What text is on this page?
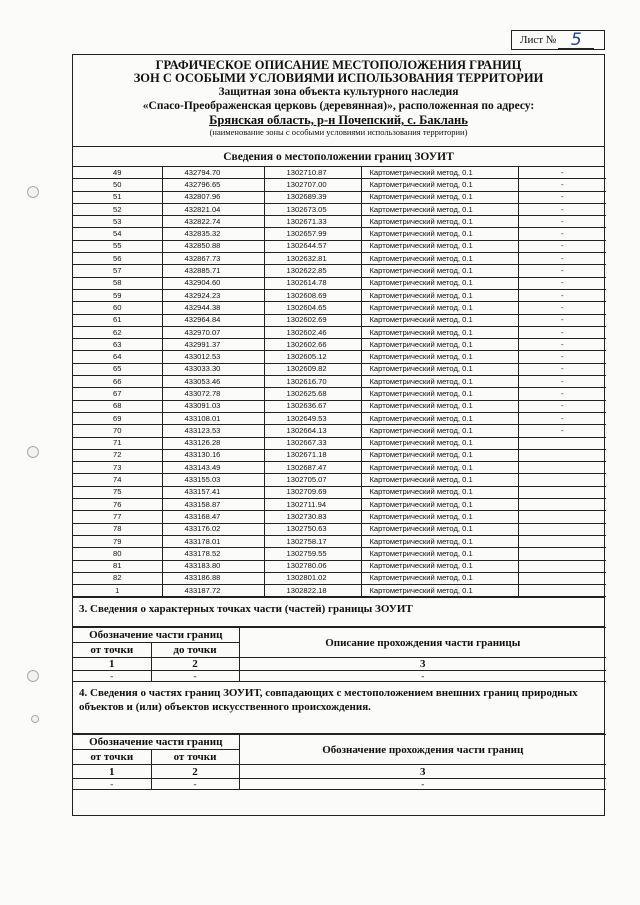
Лист № 5
ГРАФИЧЕСКОЕ ОПИСАНИЕ МЕСТОПОЛОЖЕНИЯ ГРАНИЦ
ЗОН С ОСОБЫМИ УСЛОВИЯМИ ИСПОЛЬЗОВАНИЯ ТЕРРИТОРИИ
Защитная зона объекта культурного наследия
«Спасо-Преображенская церковь (деревянная)», расположенная по адресу:
Брянская область, р-н Почепский, с. Баклань
(наименование зоны с особыми условиями использования территории)
Сведения о местоположении границ ЗОУИТ
49	432794.70	1302710.87	Картометрический метод, 0.1	-
50	432796.65	1302707.00	Картометрический метод, 0.1	-
51	432807.96	1302689.39	Картометрический метод, 0.1	-
52	432821.04	1302673.05	Картометрический метод, 0.1	-
53	432822.74	1302671.33	Картометрический метод, 0.1	-
54	432835.32	1302657.99	Картометрический метод, 0.1	-
55	432850.88	1302644.57	Картометрический метод, 0.1	-
56	432867.73	1302632.81	Картометрический метод, 0.1	-
57	432885.71	1302622.85	Картометрический метод, 0.1	-
58	432904.60	1302614.78	Картометрический метод, 0.1	-
59	432924.23	1302608.69	Картометрический метод, 0.1	-
60	432944.38	1302604.65	Картометрический метод, 0.1	-
61	432964.84	1302602.69	Картометрический метод, 0.1	-
62	432970.07	1302602.46	Картометрический метод, 0.1	-
63	432991.37	1302602.66	Картометрический метод, 0.1	-
64	433012.53	1302605.12	Картометрический метод, 0.1	-
65	433033.30	1302609.82	Картометрический метод, 0.1	-
66	433053.46	1302616.70	Картометрический метод, 0.1	-
67	433072.78	1302625.68	Картометрический метод, 0.1	-
68	433091.03	1302636.67	Картометрический метод, 0.1	-
69	433108.01	1302649.53	Картометрический метод, 0.1	-
70	433123.53	1302664.13	Картометрический метод, 0.1	-
71	433126.28	1302667.33	Картометрический метод, 0.1	
72	433130.16	1302671.18	Картометрический метод, 0.1	
73	433143.49	1302687.47	Картометрический метод, 0.1	
74	433155.03	1302705.07	Картометрический метод, 0.1	
75	433157.41	1302709.69	Картометрический метод, 0.1	
76	433158.87	1302711.94	Картометрический метод, 0.1	
77	433168.47	1302730.83	Картометрический метод, 0.1	
78	433176.02	1302750.63	Картометрический метод, 0.1	
79	433178.01	1302758.17	Картометрический метод, 0.1	
80	433178.52	1302759.55	Картометрический метод, 0.1	
81	433183.80	1302780.06	Картометрический метод, 0.1	
82	433186.88	1302801.02	Картометрический метод, 0.1	
1	433187.72	1302822.18	Картометрический метод, 0.1	
3. Сведения о характерных точках части (частей) границы ЗОУИТ
Обозначение части границ		Описание прохождения части границы
от точки	до точки	
1	2	3
-	-	-
4. Сведения о частях границ ЗОУИТ, совпадающих с местоположением внешних границ природных объектов и (или) объектов искусственного происхождения.
Обозначение части границ		Обозначение прохождения части границ
от точки	от точки	
1	2	3
-	-	-
